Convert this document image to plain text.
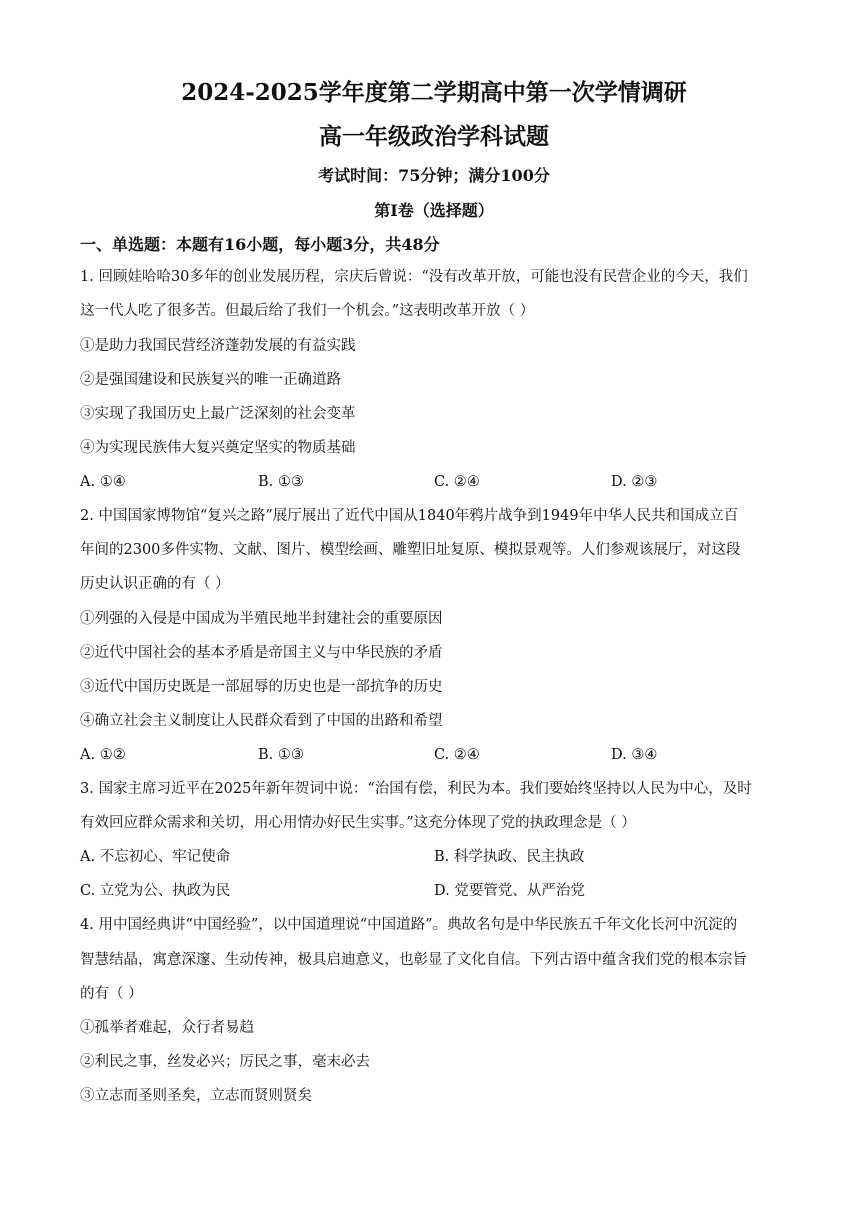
2024-2025学年度第二学期高中第一次学情调研
高一年级政治学科试题
考试时间：75分钟；满分100分
第Ⅰ卷（选择题）
一、单选题：本题有16小题，每小题3分，共48分
1. 回顾娃哈哈30多年的创业发展历程，宗庆后曾说：“没有改革开放，可能也没有民营企业的今天，我们
这一代人吃了很多苦。但最后给了我们一个机会。”这表明改革开放（ ）
①是助力我国民营经济蓬勃发展的有益实践
②是强国建设和民族复兴的唯一正确道路
③实现了我国历史上最广泛深刻的社会变革
④为实现民族伟大复兴奠定坚实的物质基础
A. ①④	B. ①③	C. ②④	D. ②③
2. 中国国家博物馆“复兴之路”展厅展出了近代中国从1840年鸦片战争到1949年中华人民共和国成立百
年间的2300多件实物、文献、图片、模型绘画、雕塑旧址复原、模拟景观等。人们参观该展厅，对这段
历史认识正确的有（ ）
①列强的入侵是中国成为半殖民地半封建社会的重要原因
②近代中国社会的基本矛盾是帝国主义与中华民族的矛盾
③近代中国历史既是一部屈辱的历史也是一部抗争的历史
④确立社会主义制度让人民群众看到了中国的出路和希望
A. ①②	B. ①③	C. ②④	D. ③④
3. 国家主席习近平在2025年新年贺词中说：“治国有偿，利民为本。我们要始终坚持以人民为中心，及时
有效回应群众需求和关切，用心用情办好民生实事。”这充分体现了党的执政理念是（ ）
A. 不忘初心、牢记使命	B. 科学执政、民主执政
C. 立党为公、执政为民	D. 党要管党、从严治党
4. 用中国经典讲“中国经验”，以中国道理说“中国道路”。典故名句是中华民族五千年文化长河中沉淀的
智慧结晶，寓意深邃、生动传神，极具启迪意义，也彰显了文化自信。下列古语中蕴含我们党的根本宗旨
的有（ ）
①孤举者难起，众行者易趋
②利民之事，丝发必兴；厉民之事，毫末必去
③立志而圣则圣矣，立志而贤则贤矣
